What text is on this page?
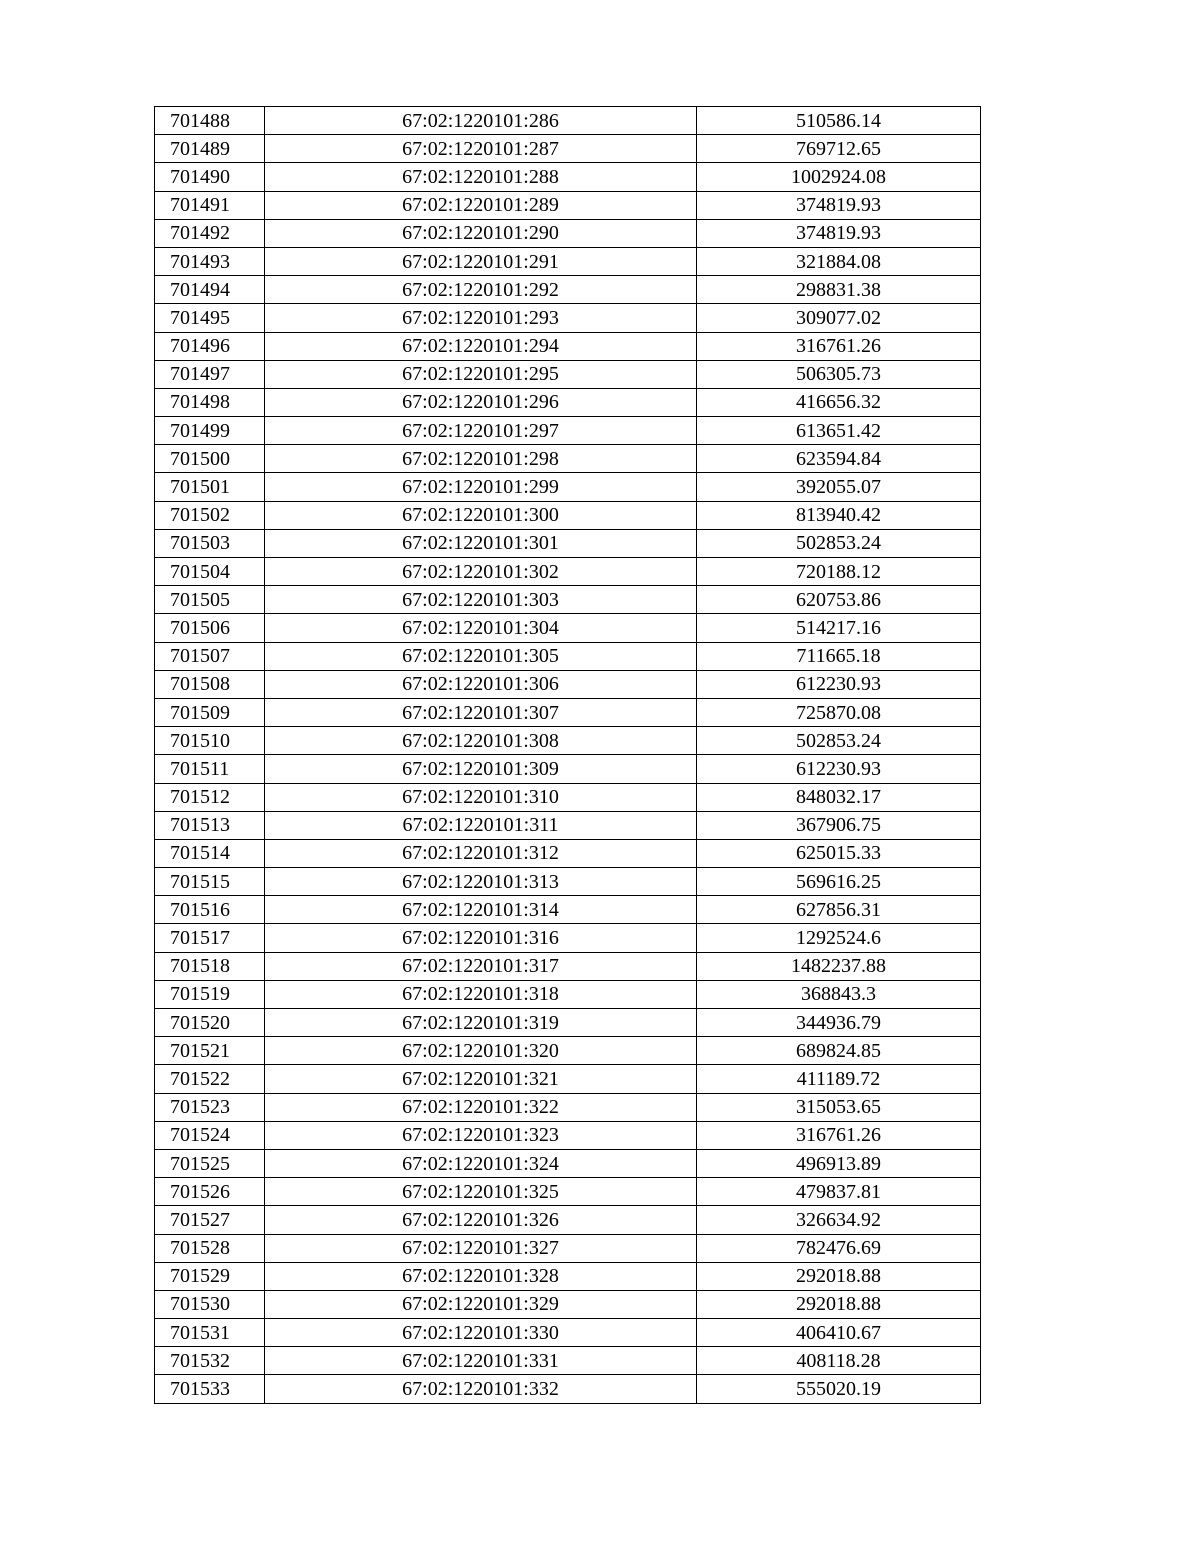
701488	67:02:1220101:286	510586.14
701489	67:02:1220101:287	769712.65
701490	67:02:1220101:288	1002924.08
701491	67:02:1220101:289	374819.93
701492	67:02:1220101:290	374819.93
701493	67:02:1220101:291	321884.08
701494	67:02:1220101:292	298831.38
701495	67:02:1220101:293	309077.02
701496	67:02:1220101:294	316761.26
701497	67:02:1220101:295	506305.73
701498	67:02:1220101:296	416656.32
701499	67:02:1220101:297	613651.42
701500	67:02:1220101:298	623594.84
701501	67:02:1220101:299	392055.07
701502	67:02:1220101:300	813940.42
701503	67:02:1220101:301	502853.24
701504	67:02:1220101:302	720188.12
701505	67:02:1220101:303	620753.86
701506	67:02:1220101:304	514217.16
701507	67:02:1220101:305	711665.18
701508	67:02:1220101:306	612230.93
701509	67:02:1220101:307	725870.08
701510	67:02:1220101:308	502853.24
701511	67:02:1220101:309	612230.93
701512	67:02:1220101:310	848032.17
701513	67:02:1220101:311	367906.75
701514	67:02:1220101:312	625015.33
701515	67:02:1220101:313	569616.25
701516	67:02:1220101:314	627856.31
701517	67:02:1220101:316	1292524.6
701518	67:02:1220101:317	1482237.88
701519	67:02:1220101:318	368843.3
701520	67:02:1220101:319	344936.79
701521	67:02:1220101:320	689824.85
701522	67:02:1220101:321	411189.72
701523	67:02:1220101:322	315053.65
701524	67:02:1220101:323	316761.26
701525	67:02:1220101:324	496913.89
701526	67:02:1220101:325	479837.81
701527	67:02:1220101:326	326634.92
701528	67:02:1220101:327	782476.69
701529	67:02:1220101:328	292018.88
701530	67:02:1220101:329	292018.88
701531	67:02:1220101:330	406410.67
701532	67:02:1220101:331	408118.28
701533	67:02:1220101:332	555020.19
